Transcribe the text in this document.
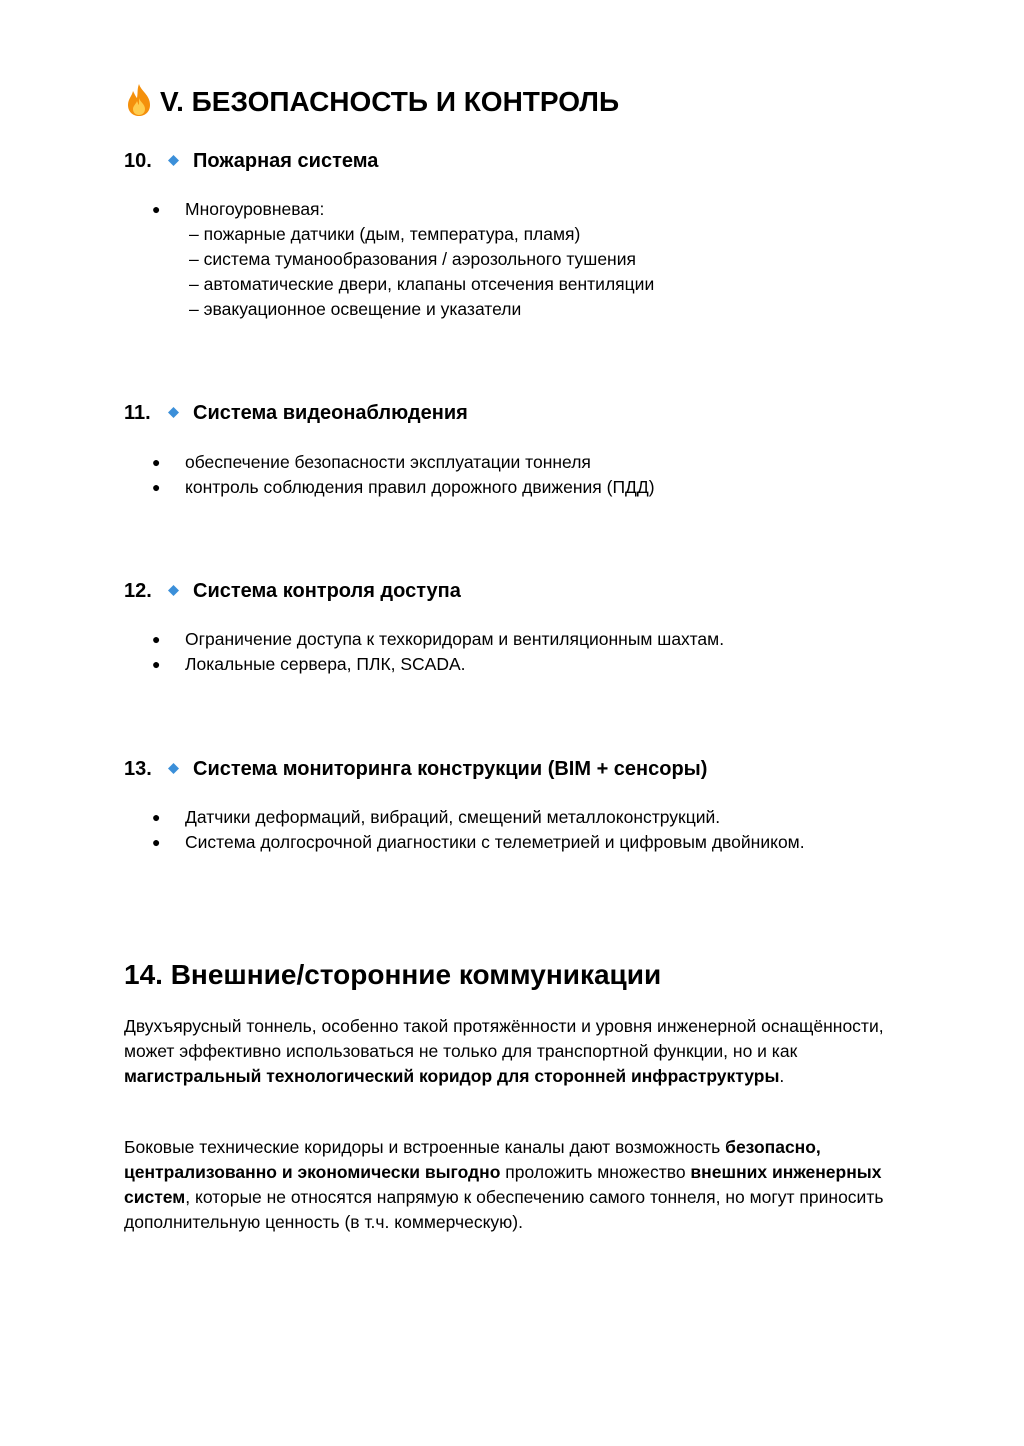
V. БЕЗОПАСНОСТЬ И КОНТРОЛЬ
10. Пожарная система
● Многоуровневая:
– пожарные датчики (дым, температура, пламя)
– система туманообразования / аэрозольного тушения
– автоматические двери, клапаны отсечения вентиляции
– эвакуационное освещение и указатели
11. Система видеонаблюдения
● обеспечение безопасности эксплуатации тоннеля
● контроль соблюдения правил дорожного движения (ПДД)
12. Система контроля доступа
● Ограничение доступа к техкоридорам и вентиляционным шахтам.
● Локальные сервера, ПЛК, SCADA.
13. Система мониторинга конструкции (BIM + сенсоры)
● Датчики деформаций, вибраций, смещений металлоконструкций.
● Система долгосрочной диагностики с телеметрией и цифровым двойником.
14. Внешние/сторонние коммуникации

Двухъярусный тоннель, особенно такой протяжённости и уровня инженерной оснащённости, может эффективно использоваться не только для транспортной функции, но и как магистральный технологический коридор для сторонней инфраструктуры.

Боковые технические коридоры и встроенные каналы дают возможность безопасно, централизованно и экономически выгодно проложить множество внешних инженерных систем, которые не относятся напрямую к обеспечению самого тоннеля, но могут приносить дополнительную ценность (в т.ч. коммерческую).
